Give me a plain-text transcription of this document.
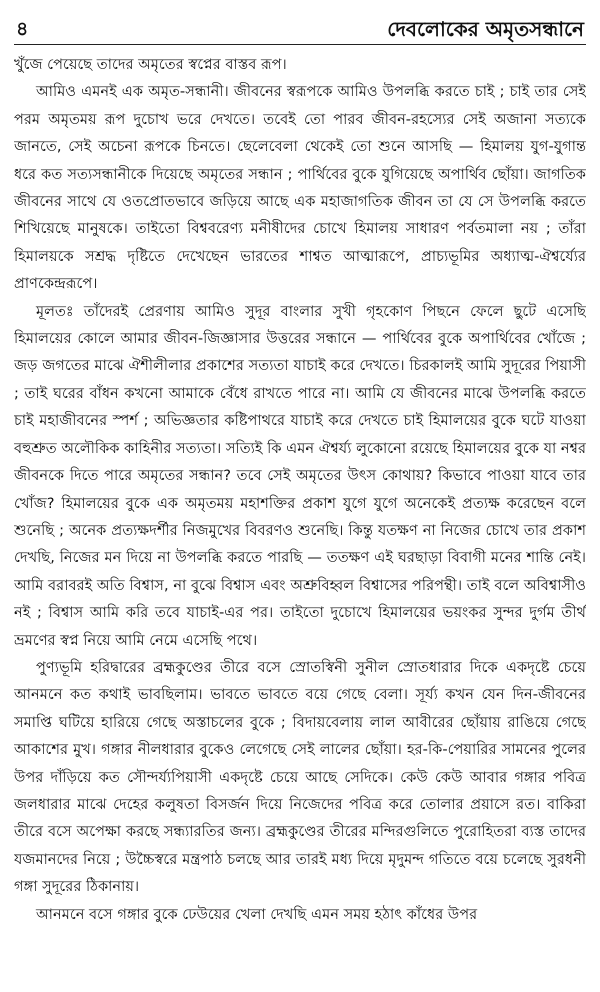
৪	দেবলোকের অমৃতসন্ধানে

খুঁজে পেয়েছে তাদের অমৃতের স্বপ্নের বাস্তব রূপ।

আমিও এমনই এক অমৃত-সন্ধানী। জীবনের স্বরূপকে আমিও উপলব্ধি করতে চাই ; চাই তার সেই পরম অমৃতময় রূপ দুচোখ ভরে দেখতে। তবেই তো পারব জীবন-রহস্যের সেই অজানা সত্যকে জানতে, সেই অচেনা রূপকে চিনতে। ছেলেবেলা থেকেই তো শুনে আসছি — হিমালয় যুগ-যুগান্ত ধরে কত সত্যসন্ধানীকে দিয়েছে অমৃতের সন্ধান ; পার্থিবের বুকে যুগিয়েছে অপার্থিব ছোঁয়া। জাগতিক জীবনের সাথে যে ওতপ্রোতভাবে জড়িয়ে আছে এক মহাজাগতিক জীবন তা যে সে উপলব্ধি করতে শিখিয়েছে মানুষকে। তাইতো বিশ্ববরেণ্য মনীষীদের চোখে হিমালয় সাধারণ পর্বতমালা নয় ; তাঁরা হিমালয়কে সশ্রদ্ধ দৃষ্টিতে দেখেছেন ভারতের শাশ্বত আত্মারূপে, প্রাচ্যভূমির অধ্যাত্ম-ঐশ্বর্য্যের প্রাণকেন্দ্ররূপে।

মূলতঃ তাঁদেরই প্রেরণায় আমিও সুদূর বাংলার সুখী গৃহকোণ পিছনে ফেলে ছুটে এসেছি হিমালয়ের কোলে আমার জীবন-জিজ্ঞাসার উত্তরের সন্ধানে — পার্থিবের বুকে অপার্থিবের খোঁজে ; জড় জগতের মাঝে ঐশীলীলার প্রকাশের সত্যতা যাচাই করে দেখতে। চিরকালই আমি সুদূরের পিয়াসী ; তাই ঘরের বাঁধন কখনো আমাকে বেঁধে রাখতে পারে না। আমি যে জীবনের মাঝে উপলব্ধি করতে চাই মহাজীবনের স্পর্শ ; অভিজ্ঞতার কষ্টিপাথরে যাচাই করে দেখতে চাই হিমালয়ের বুকে ঘটে যাওয়া বহুশ্রুত অলৌকিক কাহিনীর সত্যতা। সত্যিই কি এমন ঐশ্বর্য্য লুকোনো রয়েছে হিমালয়ের বুকে যা নশ্বর জীবনকে দিতে পারে অমৃতের সন্ধান? তবে সেই অমৃতের উৎস কোথায়? কিভাবে পাওয়া যাবে তার খোঁজ? হিমালয়ের বুকে এক অমৃতময় মহাশক্তির প্রকাশ যুগে যুগে অনেকেই প্রত্যক্ষ করেছেন বলে শুনেছি ; অনেক প্রত্যক্ষদর্শীর নিজমুখের বিবরণও শুনেছি। কিন্তু যতক্ষণ না নিজের চোখে তার প্রকাশ দেখছি, নিজের মন দিয়ে না উপলব্ধি করতে পারছি — ততক্ষণ এই ঘরছাড়া বিবাগী মনের শান্তি নেই। আমি বরাবরই অতি বিশ্বাস, না বুঝে বিশ্বাস এবং অশ্রুবিহ্বল বিশ্বাসের পরিপন্থী। তাই বলে অবিশ্বাসীও নই ; বিশ্বাস আমি করি তবে যাচাই-এর পর। তাইতো দুচোখে হিমালয়ের ভয়ংকর সুন্দর দুর্গম তীর্থ ভ্রমণের স্বপ্ন নিয়ে আমি নেমে এসেছি পথে।

পুণ্যভূমি হরিদ্বারের ব্রহ্মকুণ্ডের তীরে বসে স্রোতস্বিনী সুনীল স্রোতধারার দিকে একদৃষ্টে চেয়ে আনমনে কত কথাই ভাবছিলাম। ভাবতে ভাবতে বয়ে গেছে বেলা। সূর্য্য কখন যেন দিন-জীবনের সমাপ্তি ঘটিয়ে হারিয়ে গেছে অস্তাচলের বুকে ; বিদায়বেলায় লাল আবীরের ছোঁয়ায় রাঙিয়ে গেছে আকাশের মুখ। গঙ্গার নীলধারার বুকেও লেগেছে সেই লালের ছোঁয়া। হর-কি-পেয়ারির সামনের পুলের উপর দাঁড়িয়ে কত সৌন্দর্য্যপিয়াসী একদৃষ্টে চেয়ে আছে সেদিকে। কেউ কেউ আবার গঙ্গার পবিত্র জলধারার মাঝে দেহের কলুষতা বিসর্জন দিয়ে নিজেদের পবিত্র করে তোলার প্রয়াসে রত। বাকিরা তীরে বসে অপেক্ষা করছে সন্ধ্যারতির জন্য। ব্রহ্মকুণ্ডের তীরের মন্দিরগুলিতে পুরোহিতরা ব্যস্ত তাদের যজমানদের নিয়ে ; উচ্চৈস্বরে মন্ত্রপাঠ চলছে আর তারই মধ্য দিয়ে মৃদুমন্দ গতিতে বয়ে চলেছে সুরধনী গঙ্গা সুদূরের ঠিকানায়।

আনমনে বসে গঙ্গার বুকে ঢেউয়ের খেলা দেখছি এমন সময় হঠাৎ কাঁধের উপর
